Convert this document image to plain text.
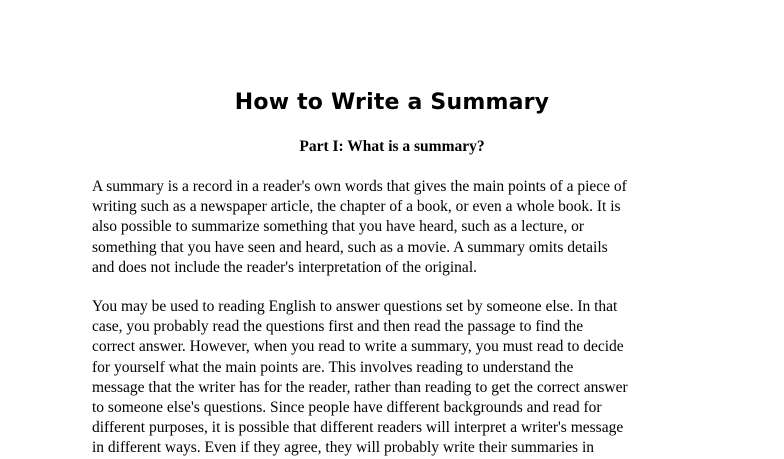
How to Write a Summary
Part I: What is a summary?
A summary is a record in a reader's own words that gives the main points of a piece of
writing such as a newspaper article, the chapter of a book, or even a whole book. It is
also possible to summarize something that you have heard, such as a lecture, or
something that you have seen and heard, such as a movie. A summary omits details
and does not include the reader's interpretation of the original.
You may be used to reading English to answer questions set by someone else. In that
case, you probably read the questions first and then read the passage to find the
correct answer. However, when you read to write a summary, you must read to decide
for yourself what the main points are. This involves reading to understand the
message that the writer has for the reader, rather than reading to get the correct answer
to someone else's questions. Since people have different backgrounds and read for
different purposes, it is possible that different readers will interpret a writer's message
in different ways. Even if they agree, they will probably write their summaries in
